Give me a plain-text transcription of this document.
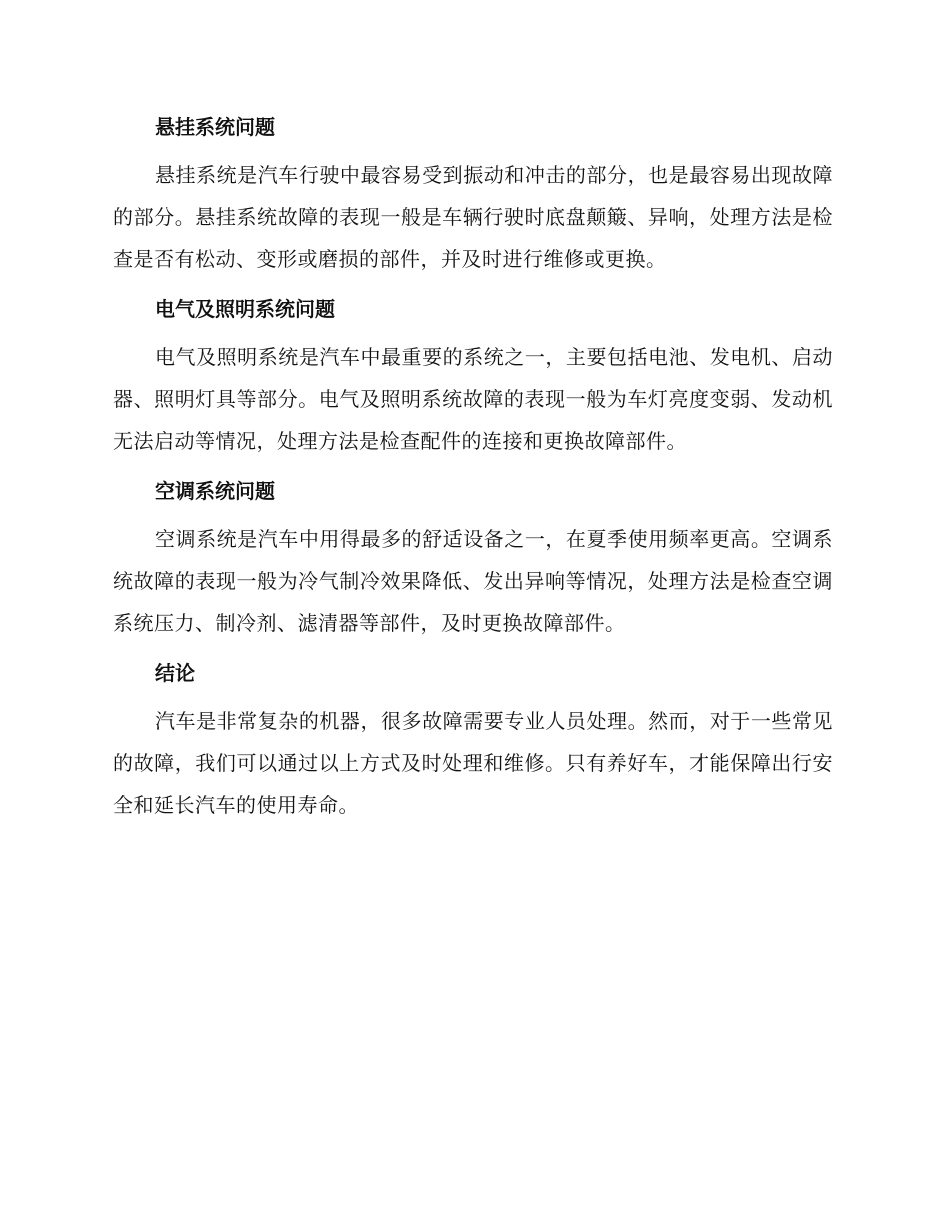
悬挂系统问题

悬挂系统是汽车行驶中最容易受到振动和冲击的部分，也是最容易出现故障的部分。悬挂系统故障的表现一般是车辆行驶时底盘颠簸、异响，处理方法是检查是否有松动、变形或磨损的部件，并及时进行维修或更换。

电气及照明系统问题

电气及照明系统是汽车中最重要的系统之一，主要包括电池、发电机、启动器、照明灯具等部分。电气及照明系统故障的表现一般为车灯亮度变弱、发动机无法启动等情况，处理方法是检查配件的连接和更换故障部件。

空调系统问题

空调系统是汽车中用得最多的舒适设备之一，在夏季使用频率更高。空调系统故障的表现一般为冷气制冷效果降低、发出异响等情况，处理方法是检查空调系统压力、制冷剂、滤清器等部件，及时更换故障部件。

结论

汽车是非常复杂的机器，很多故障需要专业人员处理。然而，对于一些常见的故障，我们可以通过以上方式及时处理和维修。只有养好车，才能保障出行安全和延长汽车的使用寿命。
